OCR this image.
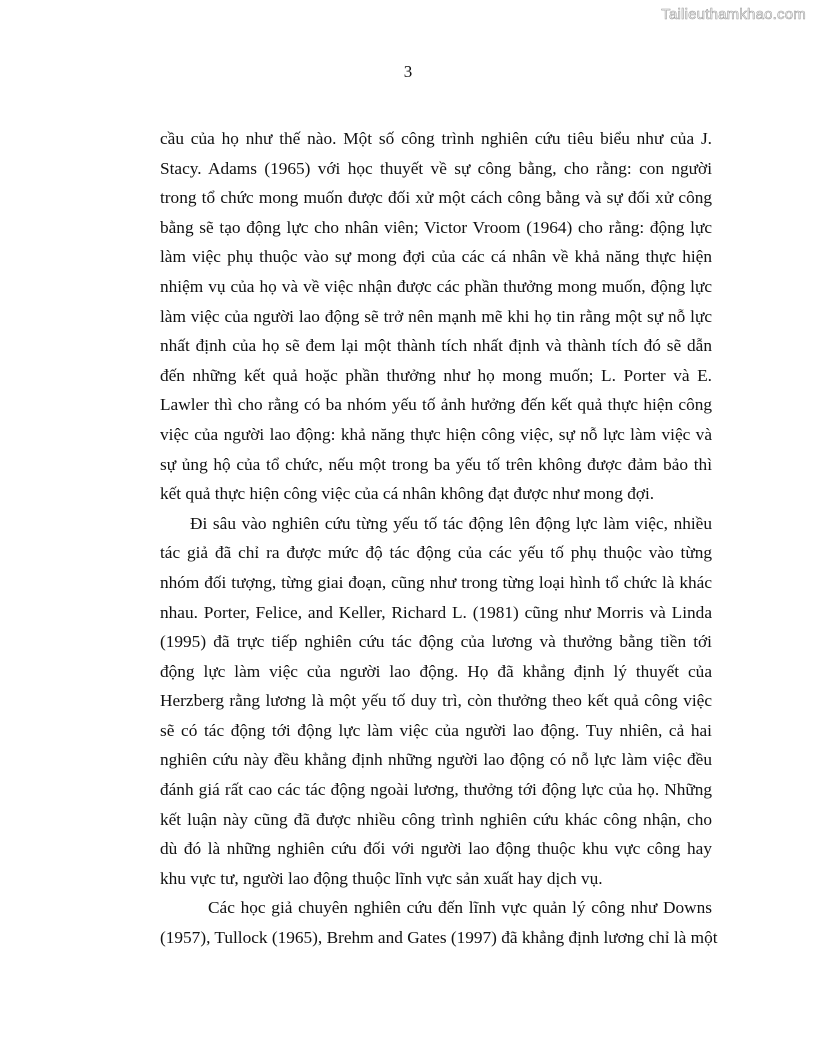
Tailieuthamkhao.com
3
cầu của họ như thế nào. Một số công trình nghiên cứu tiêu biểu như của J.
Stacy. Adams (1965) với học thuyết về sự công bằng, cho rằng: con người
trong tổ chức mong muốn được đối xử một cách công bằng và sự đối xử công
bằng sẽ tạo động lực cho nhân viên; Victor Vroom (1964) cho rằng: động lực
làm việc phụ thuộc vào sự mong đợi của các cá nhân về khả năng thực hiện
nhiệm vụ của họ và về việc nhận được các phần thưởng mong muốn, động lực
làm việc của người lao động sẽ trở nên mạnh mẽ khi họ tin rằng một sự nỗ lực
nhất định của họ sẽ đem lại một thành tích nhất định và thành tích đó sẽ dẫn
đến những kết quả hoặc phần thưởng như họ mong muốn; L. Porter và E.
Lawler thì cho rằng có ba nhóm yếu tố ảnh hưởng đến kết quả thực hiện công
việc của người lao động: khả năng thực hiện công việc, sự nỗ lực làm việc và
sự ủng hộ của tổ chức, nếu một trong ba yếu tố trên không được đảm bảo thì
kết quả thực hiện công việc của cá nhân không đạt được như mong đợi.
Đi sâu vào nghiên cứu từng yếu tố tác động lên động lực làm việc, nhiều
tác giả đã chỉ ra được mức độ tác động của các yếu tố phụ thuộc vào từng
nhóm đối tượng, từng giai đoạn, cũng như trong từng loại hình tổ chức là khác
nhau. Porter, Felice, and Keller, Richard L. (1981) cũng như Morris và Linda
(1995) đã trực tiếp nghiên cứu tác động của lương và thưởng bằng tiền tới
động lực làm việc của người lao động. Họ đã khẳng định lý thuyết của
Herzberg rằng lương là một yếu tố duy trì, còn thưởng theo kết quả công việc
sẽ có tác động tới động lực làm việc của người lao động. Tuy nhiên, cả hai
nghiên cứu này đều khẳng định những người lao động có nỗ lực làm việc đều
đánh giá rất cao các tác động ngoài lương, thưởng tới động lực của họ. Những
kết luận này cũng đã được nhiều công trình nghiên cứu khác công nhận, cho
dù đó là những nghiên cứu đối với người lao động thuộc khu vực công hay
khu vực tư, người lao động thuộc lĩnh vực sản xuất hay dịch vụ.
Các học giả chuyên nghiên cứu đến lĩnh vực quản lý công như Downs
(1957), Tullock (1965), Brehm and Gates (1997) đã khẳng định lương chỉ là một
